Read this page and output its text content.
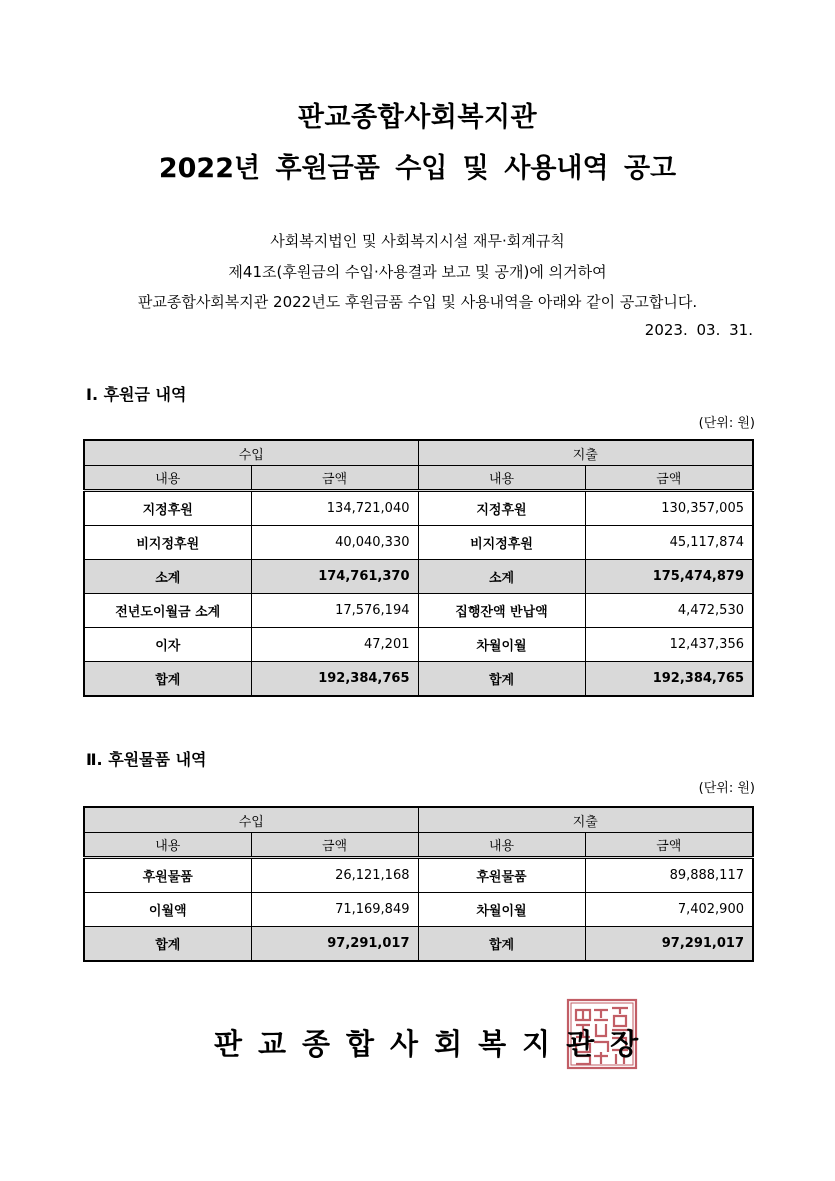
판교종합사회복지관
2022년 후원금품 수입 및 사용내역 공고
사회복지법인 및 사회복지시설 재무·회계규칙
제41조(후원금의 수입·사용결과 보고 및 공개)에 의거하여
판교종합사회복지관 2022년도 후원금품 수입 및 사용내역을 아래와 같이 공고합니다.
2023. 03. 31.
Ⅰ. 후원금 내역
(단위: 원)
수입		지출	
내용	금액	내용	금액
지정후원	134,721,040	지정후원	130,357,005
비지정후원	40,040,330	비지정후원	45,117,874
소계	174,761,370	소계	175,474,879
전년도이월금 소계	17,576,194	집행잔액 반납액	4,472,530
이자	47,201	차월이월	12,437,356
합계	192,384,765	합계	192,384,765
Ⅱ. 후원물품 내역
(단위: 원)
수입		지출	
내용	금액	내용	금액
후원물품	26,121,168	후원물품	89,888,117
이월액	71,169,849	차월이월	7,402,900
합계	97,291,017	합계	97,291,017
판교종합사회복지관장
